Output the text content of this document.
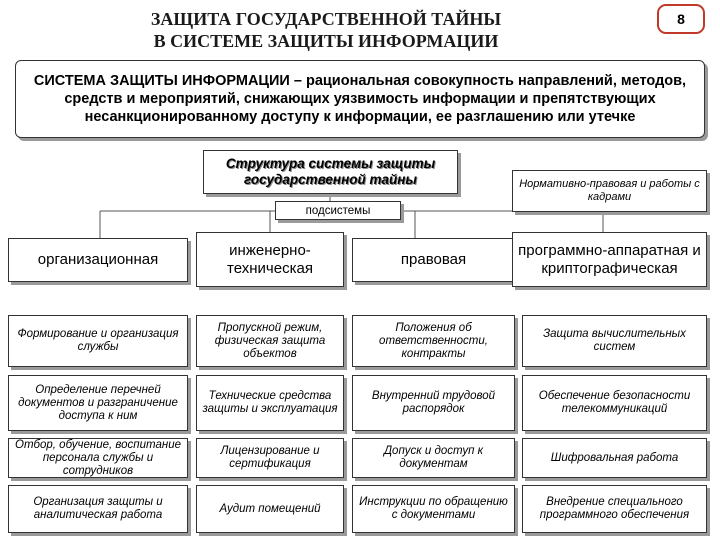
ЗАЩИТА ГОСУДАРСТВЕННОЙ ТАЙНЫ
В СИСТЕМЕ ЗАЩИТЫ ИНФОРМАЦИИ
8
СИСТЕМА ЗАЩИТЫ ИНФОРМАЦИИ – рациональная совокупность направлений, методов, средств и мероприятий, снижающих уязвимость информации и препятствующих несанкционированному доступу к информации, ее разглашению или утечке
Структура системы защиты государственной тайны	Нормативно-правовая и работы с кадрами
подсистемы
организационная
инженерно-техническая	правовая
программно-аппаратная и криптографическая
Формирование и организация службы
Определение перечней документов и разграничение доступа к ним
Отбор, обучение, воспитание персонала службы и сотрудников
Организация защиты и аналитическая работа
Пропускной режим, физическая защита объектов
Технические средства защиты и эксплуатация
Лицензирование и сертификация
Аудит помещений
Положения об ответственности, контракты
Внутренний трудовой распорядок
Допуск и доступ к документам
Инструкции по обращению с документами
Защита вычислительных систем
Обеспечение безопасности телекоммуникаций
Шифровальная работа
Внедрение специального программного обеспечения
